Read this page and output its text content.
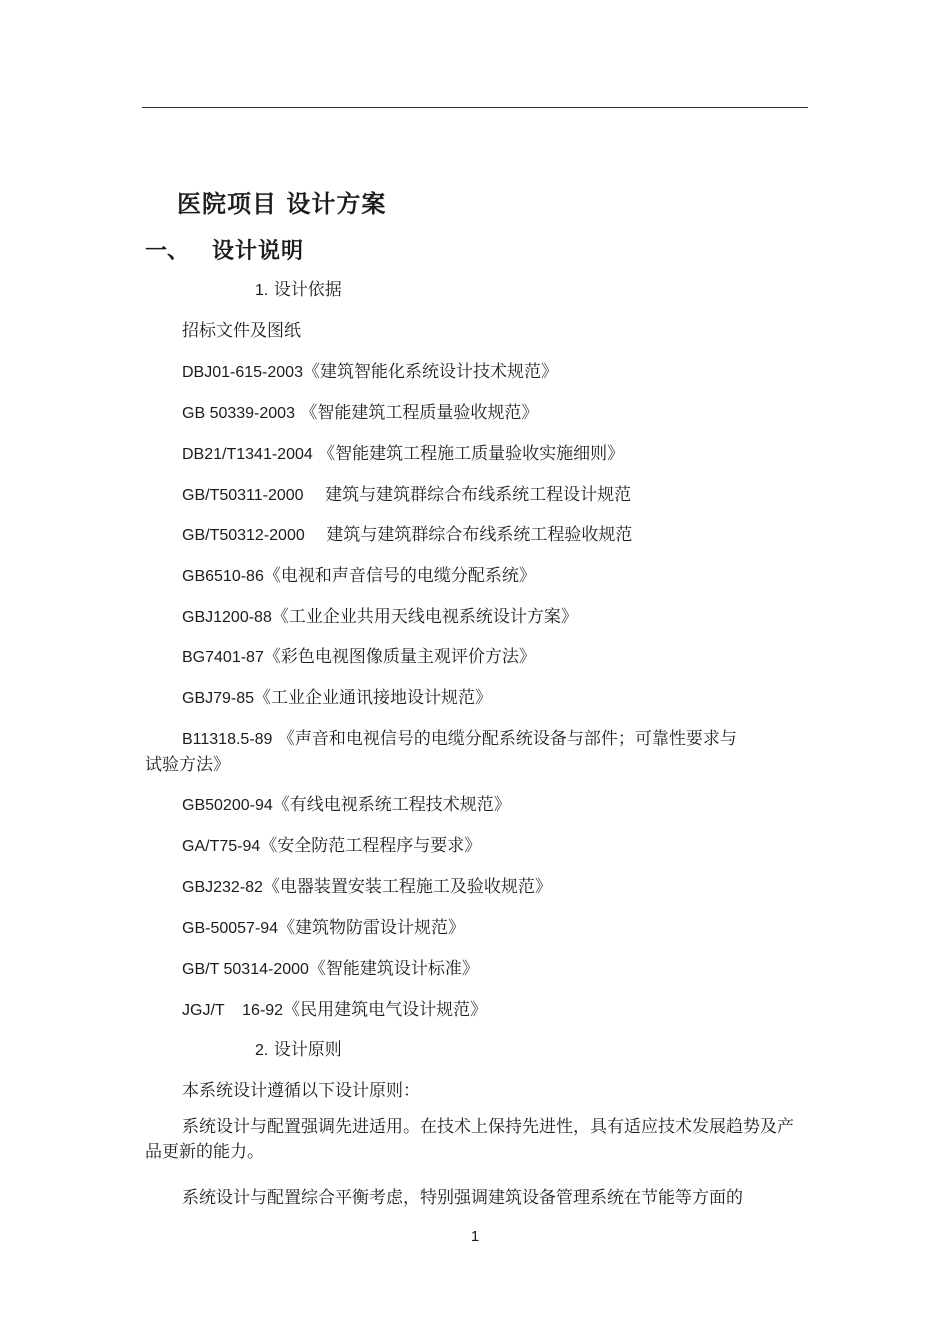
医院项目 设计方案
一、 设计说明
1. 设计依据
招标文件及图纸
DBJ01-615-2003《建筑智能化系统设计技术规范》
GB 50339-2003 《智能建筑工程质量验收规范》
DB21/T1341-2004 《智能建筑工程施工质量验收实施细则》
GB/T50311-2000    建筑与建筑群综合布线系统工程设计规范
GB/T50312-2000    建筑与建筑群综合布线系统工程验收规范
GB6510-86《电视和声音信号的电缆分配系统》
GBJ1200-88《工业企业共用天线电视系统设计方案》
BG7401-87《彩色电视图像质量主观评价方法》
GBJ79-85《工业企业通讯接地设计规范》
B11318.5-89 《声音和电视信号的电缆分配系统设备与部件；可靠性要求与
试验方法》
GB50200-94《有线电视系统工程技术规范》
GA/T75-94《安全防范工程程序与要求》
GBJ232-82《电器装置安装工程施工及验收规范》
GB-50057-94《建筑物防雷设计规范》
GB/T 50314-2000《智能建筑设计标准》
JGJ/T    16-92《民用建筑电气设计规范》
2. 设计原则
本系统设计遵循以下设计原则：
系统设计与配置强调先进适用。在技术上保持先进性，具有适应技术发展趋势及产品更新的能力。
系统设计与配置综合平衡考虑，特别强调建筑设备管理系统在节能等方面的
1
